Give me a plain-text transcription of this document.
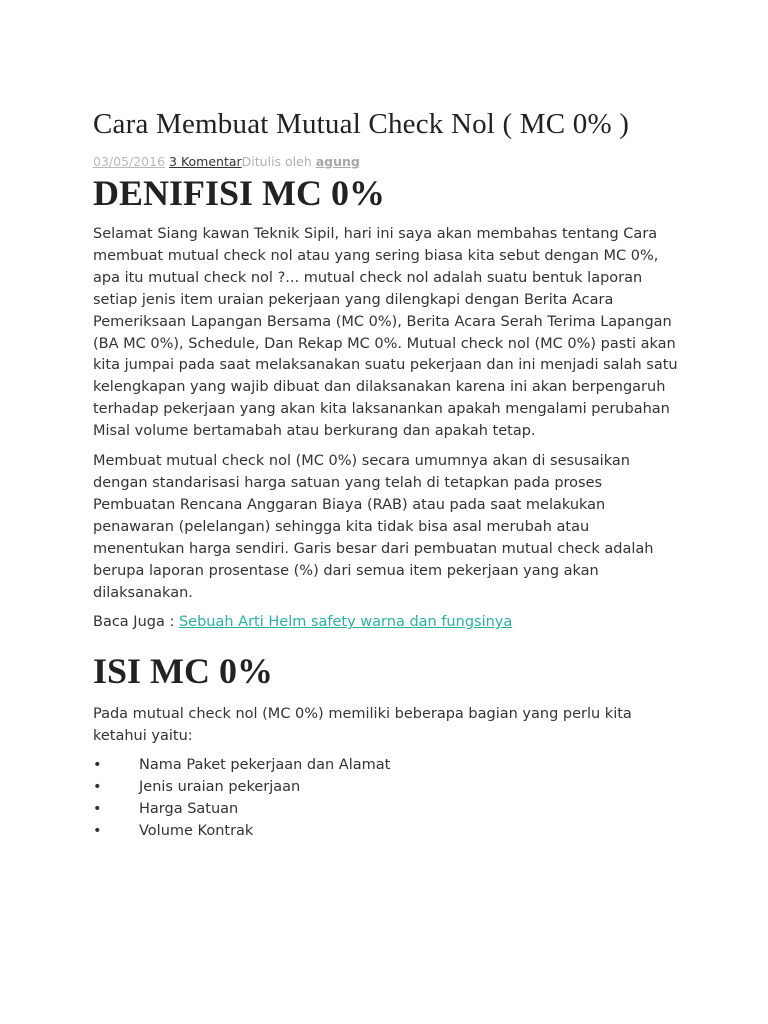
Cara Membuat Mutual Check Nol ( MC 0% )
03/05/2016 3 KomentarDitulis oleh agung
DENIFISI MC 0%

Selamat Siang kawan Teknik Sipil, hari ini saya akan membahas tentang Cara membuat mutual check nol atau yang sering biasa kita sebut dengan MC 0%, apa itu mutual check nol ?... mutual check nol adalah suatu bentuk laporan setiap jenis item uraian pekerjaan yang dilengkapi dengan Berita Acara Pemeriksaan Lapangan Bersama (MC 0%), Berita Acara Serah Terima Lapangan (BA MC 0%), Schedule, Dan Rekap MC 0%. Mutual check nol (MC 0%) pasti akan kita jumpai pada saat melaksanakan suatu pekerjaan dan ini menjadi salah satu kelengkapan yang wajib dibuat dan dilaksanakan karena ini akan berpengaruh terhadap pekerjaan yang akan kita laksanankan apakah mengalami perubahan Misal volume bertamabah atau berkurang dan apakah tetap.

Membuat mutual check nol (MC 0%) secara umumnya akan di sesusaikan dengan standarisasi harga satuan yang telah di tetapkan pada proses Pembuatan Rencana Anggaran Biaya (RAB) atau pada saat melakukan penawaran (pelelangan) sehingga kita tidak bisa asal merubah atau menentukan harga sendiri. Garis besar dari pembuatan mutual check adalah berupa laporan prosentase (%) dari semua item pekerjaan yang akan dilaksanakan.

Baca Juga : Sebuah Arti Helm safety warna dan fungsinya

ISI MC 0%

Pada mutual check nol (MC 0%) memiliki beberapa bagian yang perlu kita ketahui yaitu:

•	Nama Paket pekerjaan dan Alamat
•	Jenis uraian pekerjaan
•	Harga Satuan
•	Volume Kontrak
